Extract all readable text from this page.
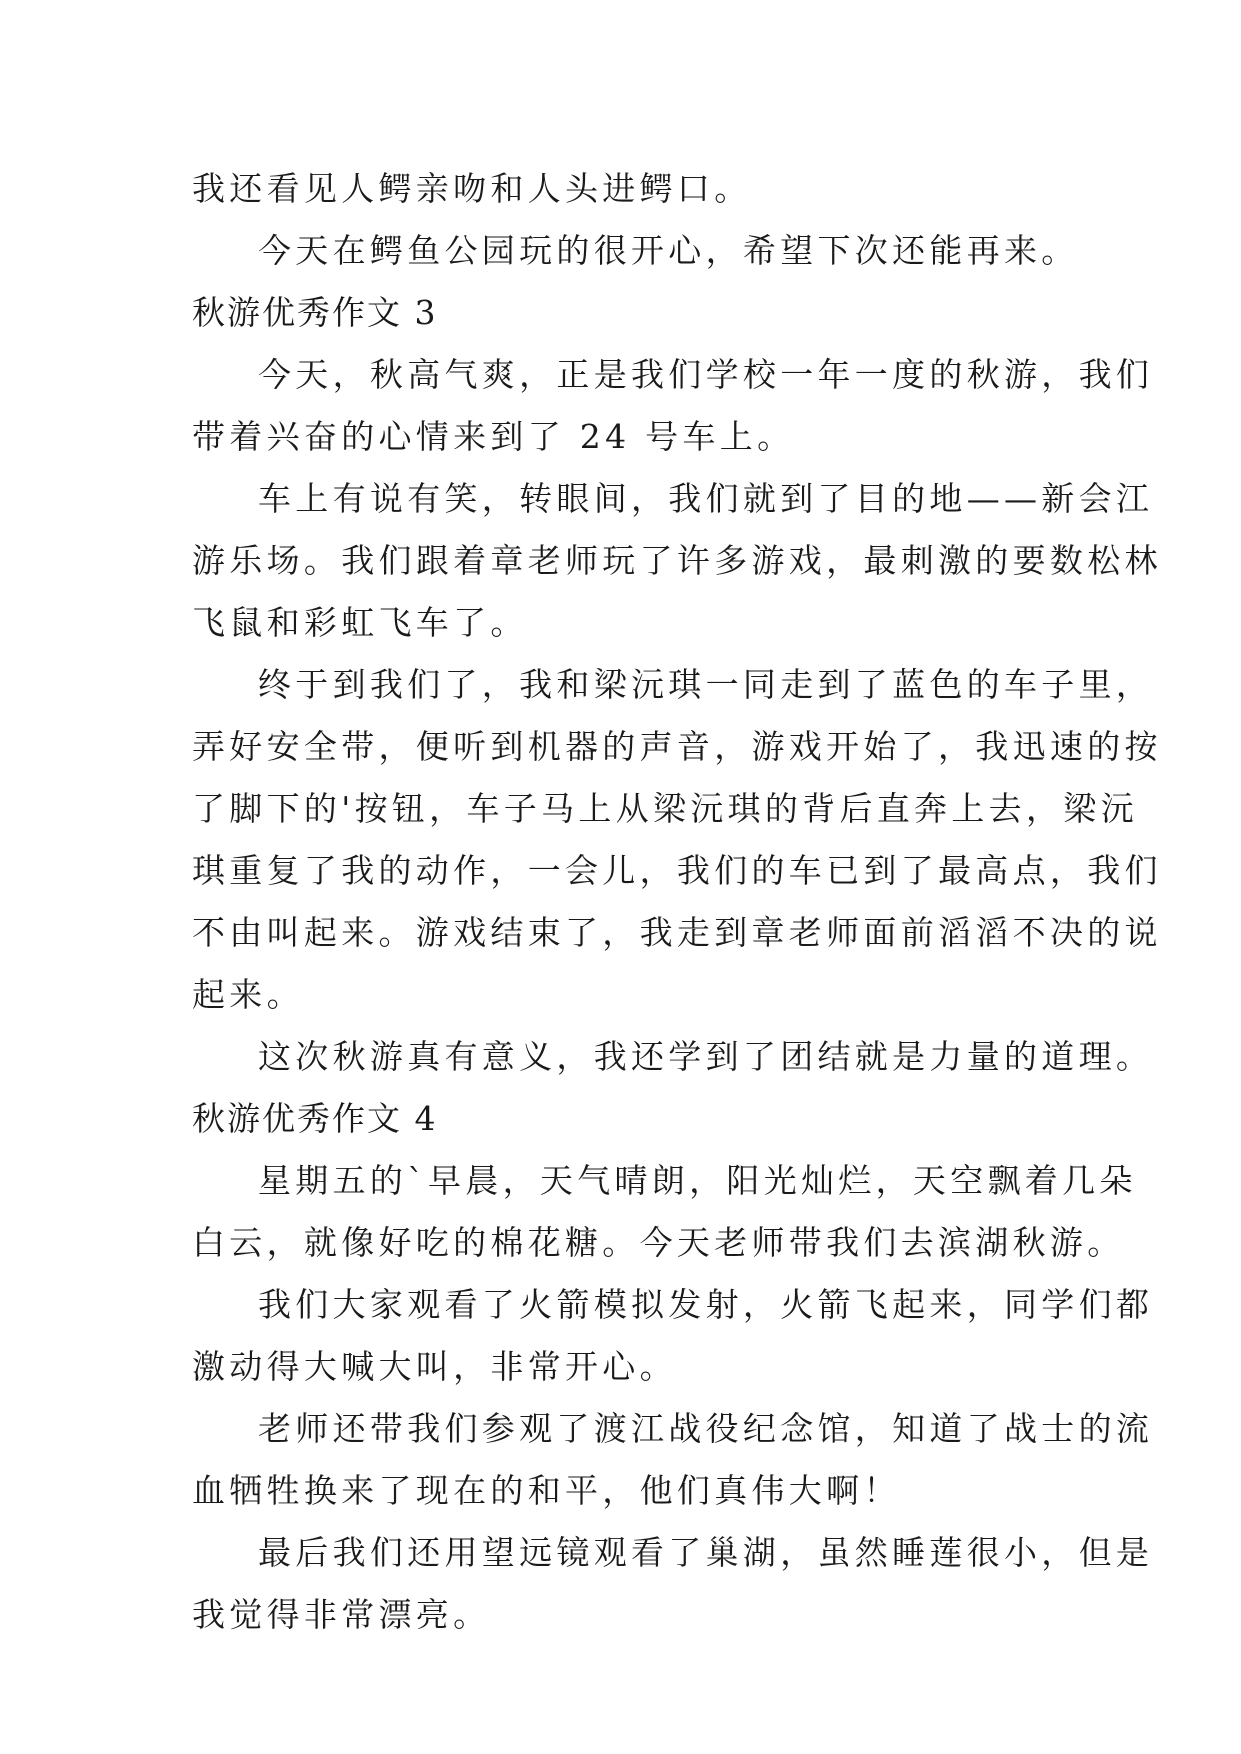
我还看见人鳄亲吻和人头进鳄口。

今天在鳄鱼公园玩的很开心，希望下次还能再来。

秋游优秀作文 3

今天，秋高气爽，正是我们学校一年一度的秋游，我们

带着兴奋的心情来到了 24 号车上。

车上有说有笑，转眼间，我们就到了目的地——新会江

游乐场。我们跟着章老师玩了许多游戏，最刺激的要数松林

飞鼠和彩虹飞车了。

终于到我们了，我和梁沅琪一同走到了蓝色的车子里，

弄好安全带，便听到机器的声音，游戏开始了，我迅速的按

了脚下的'按钮，车子马上从梁沅琪的背后直奔上去，梁沅

琪重复了我的动作，一会儿，我们的车已到了最高点，我们

不由叫起来。游戏结束了，我走到章老师面前滔滔不决的说

起来。

这次秋游真有意义，我还学到了团结就是力量的道理。

秋游优秀作文 4

星期五的`早晨，天气晴朗，阳光灿烂，天空飘着几朵

白云，就像好吃的棉花糖。今天老师带我们去滨湖秋游。

我们大家观看了火箭模拟发射，火箭飞起来，同学们都

激动得大喊大叫，非常开心。

老师还带我们参观了渡江战役纪念馆，知道了战士的流

血牺牲换来了现在的和平，他们真伟大啊！

最后我们还用望远镜观看了巢湖，虽然睡莲很小，但是

我觉得非常漂亮。
